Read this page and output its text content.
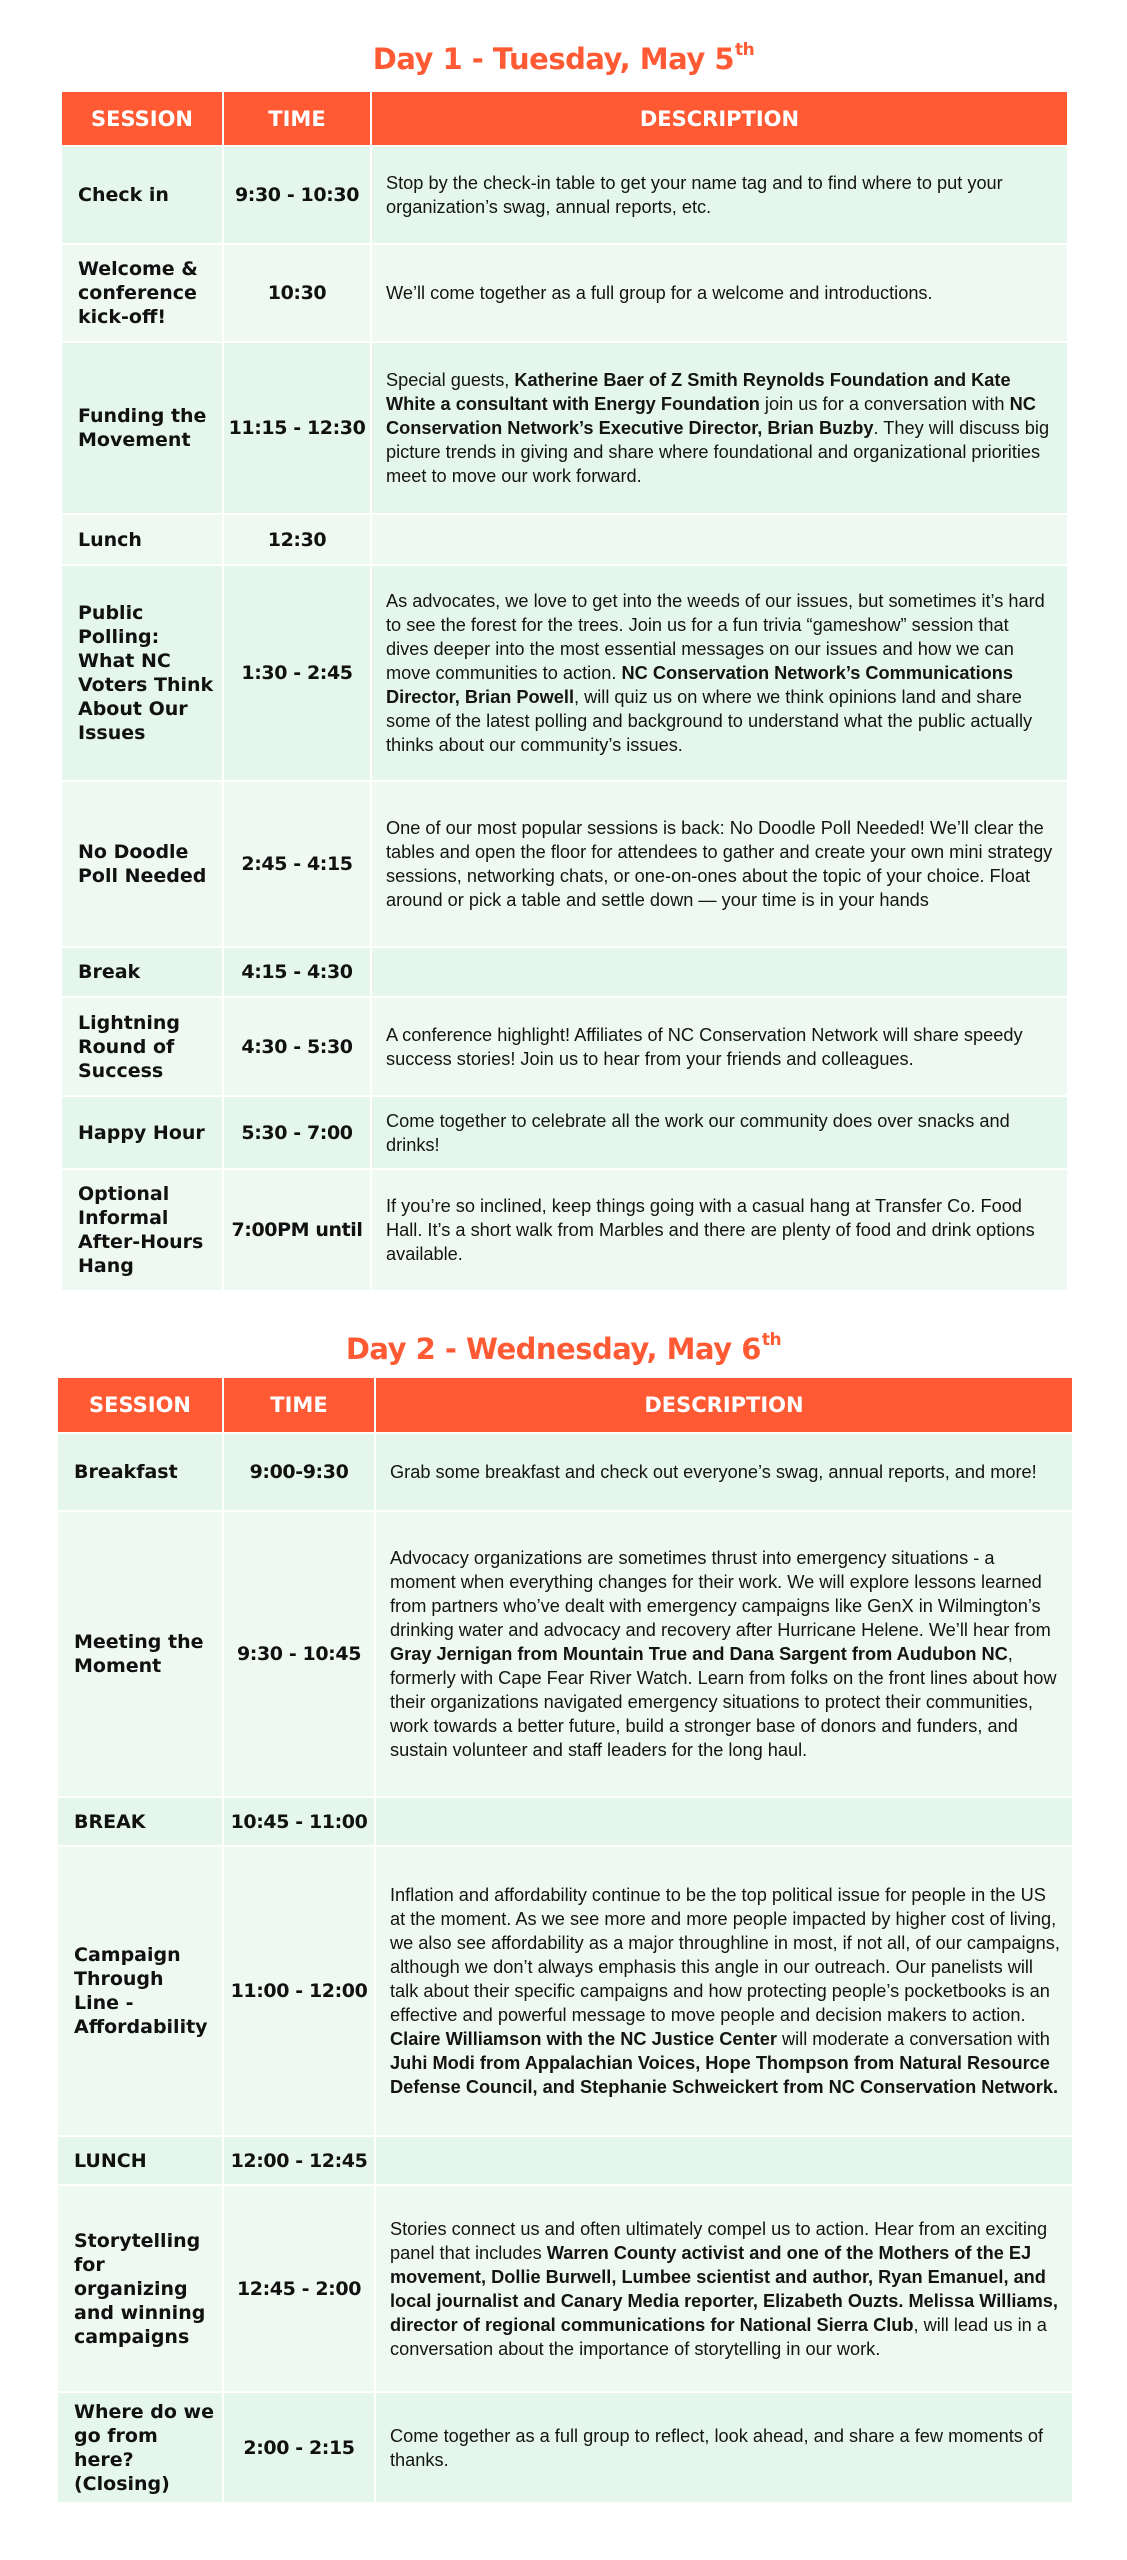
Day 1 - Tuesday, May 5th
SESSION	TIME	DESCRIPTION
Check in	9:30 - 10:30	Stop by the check-in table to get your name tag and to find where to put your organization’s swag, annual reports, etc.
Welcome & conference kick-off!	10:30	We’ll come together as a full group for a welcome and introductions.
Funding the Movement	11:15 - 12:30	Special guests, Katherine Baer of Z Smith Reynolds Foundation and Kate White a consultant with Energy Foundation join us for a conversation with NC Conservation Network’s Executive Director, Brian Buzby. They will discuss big picture trends in giving and share where foundational and organizational priorities meet to move our work forward.
Lunch	12:30	
Public Polling: What NC Voters Think About Our Issues	1:30 - 2:45	As advocates, we love to get into the weeds of our issues, but sometimes it’s hard to see the forest for the trees. Join us for a fun trivia “gameshow” session that dives deeper into the most essential messages on our issues and how we can move communities to action. NC Conservation Network’s Communications Director, Brian Powell, will quiz us on where we think opinions land and share some of the latest polling and background to understand what the public actually thinks about our community’s issues.
No Doodle Poll Needed	2:45 - 4:15	One of our most popular sessions is back: No Doodle Poll Needed! We’ll clear the tables and open the floor for attendees to gather and create your own mini strategy sessions, networking chats, or one-on-ones about the topic of your choice. Float around or pick a table and settle down — your time is in your hands
Break	4:15 - 4:30	
Lightning Round of Success	4:30 - 5:30	A conference highlight! Affiliates of NC Conservation Network will share speedy success stories! Join us to hear from your friends and colleagues.
Happy Hour	5:30 - 7:00	Come together to celebrate all the work our community does over snacks and drinks!
Optional Informal After-Hours Hang	7:00PM until	If you’re so inclined, keep things going with a casual hang at Transfer Co. Food Hall. It’s a short walk from Marbles and there are plenty of food and drink options available.
Day 2 - Wednesday, May 6th
SESSION	TIME	DESCRIPTION
Breakfast	9:00-9:30	Grab some breakfast and check out everyone’s swag, annual reports, and more!
Meeting the Moment	9:30 - 10:45	Advocacy organizations are sometimes thrust into emergency situations - a moment when everything changes for their work. We will explore lessons learned from partners who’ve dealt with emergency campaigns like GenX in Wilmington’s drinking water and advocacy and recovery after Hurricane Helene. We’ll hear from Gray Jernigan from Mountain True and Dana Sargent from Audubon NC, formerly with Cape Fear River Watch. Learn from folks on the front lines about how their organizations navigated emergency situations to protect their communities, work towards a better future, build a stronger base of donors and funders, and sustain volunteer and staff leaders for the long haul.
BREAK	10:45 - 11:00	
Campaign Through Line - Affordability	11:00 - 12:00	Inflation and affordability continue to be the top political issue for people in the US at the moment. As we see more and more people impacted by higher cost of living, we also see affordability as a major throughline in most, if not all, of our campaigns, although we don’t always emphasis this angle in our outreach. Our panelists will talk about their specific campaigns and how protecting people’s pocketbooks is an effective and powerful message to move people and decision makers to action. Claire Williamson with the NC Justice Center will moderate a conversation with Juhi Modi from Appalachian Voices, Hope Thompson from Natural Resource Defense Council, and Stephanie Schweickert from NC Conservation Network.
LUNCH	12:00 - 12:45	
Storytelling for organizing and winning campaigns	12:45 - 2:00	Stories connect us and often ultimately compel us to action. Hear from an exciting panel that includes Warren County activist and one of the Mothers of the EJ movement, Dollie Burwell, Lumbee scientist and author, Ryan Emanuel, and local journalist and Canary Media reporter, Elizabeth Ouzts. Melissa Williams, director of regional communications for National Sierra Club, will lead us in a conversation about the importance of storytelling in our work.
Where do we go from here? (Closing)	2:00 - 2:15	Come together as a full group to reflect, look ahead, and share a few moments of thanks.
